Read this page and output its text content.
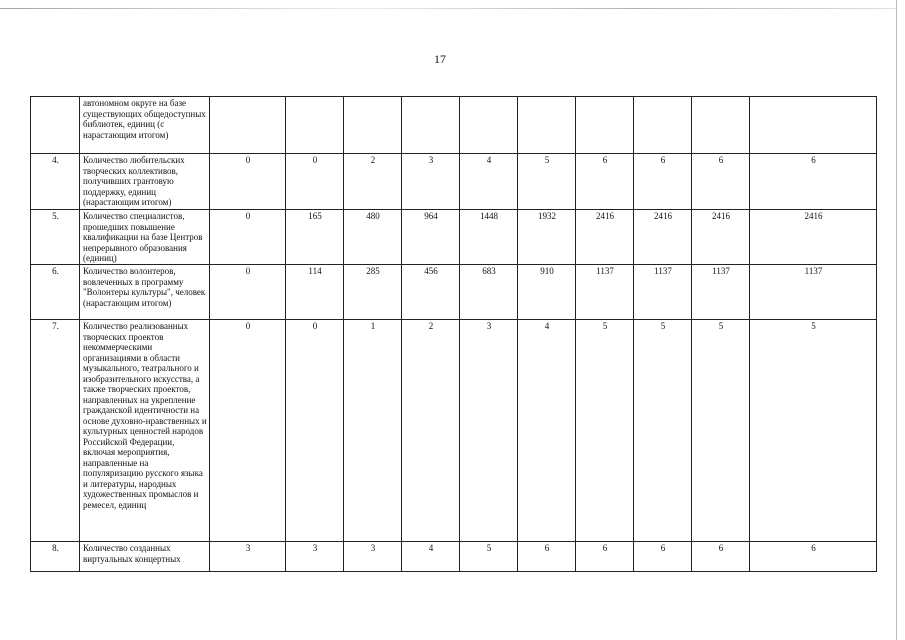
17
	автономном округе на базе существующих общедоступных библиотек, единиц (с нарастающим итогом)										
4.	Количество любительских творческих коллективов, получивших грантовую поддержку, единиц (нарастающим итогом)	0	0	2	3	4	5	6	6	6	6
5.	Количество специалистов, прошедших повышение квалификации на базе Центров непрерывного образования (единиц)	0	165	480	964	1448	1932	2416	2416	2416	2416
6.	Количество волонтеров, вовлеченных в программу "Волонтеры культуры", человек (нарастающим итогом)	0	114	285	456	683	910	1137	1137	1137	1137
7.	Количество реализованных творческих проектов некоммерческими организациями в области музыкального, театрального и изобразительного искусства, а также творческих проектов, направленных на укрепление гражданской идентичности на основе духовно-нравственных и культурных ценностей народов Российской Федерации, включая мероприятия, направленные на популяризацию русского языка и литературы, народных художественных промыслов и ремесел, единиц	0	0	1	2	3	4	5	5	5	5
8.	Количество созданных виртуальных концертных	3	3	3	4	5	6	6	6	6	6
